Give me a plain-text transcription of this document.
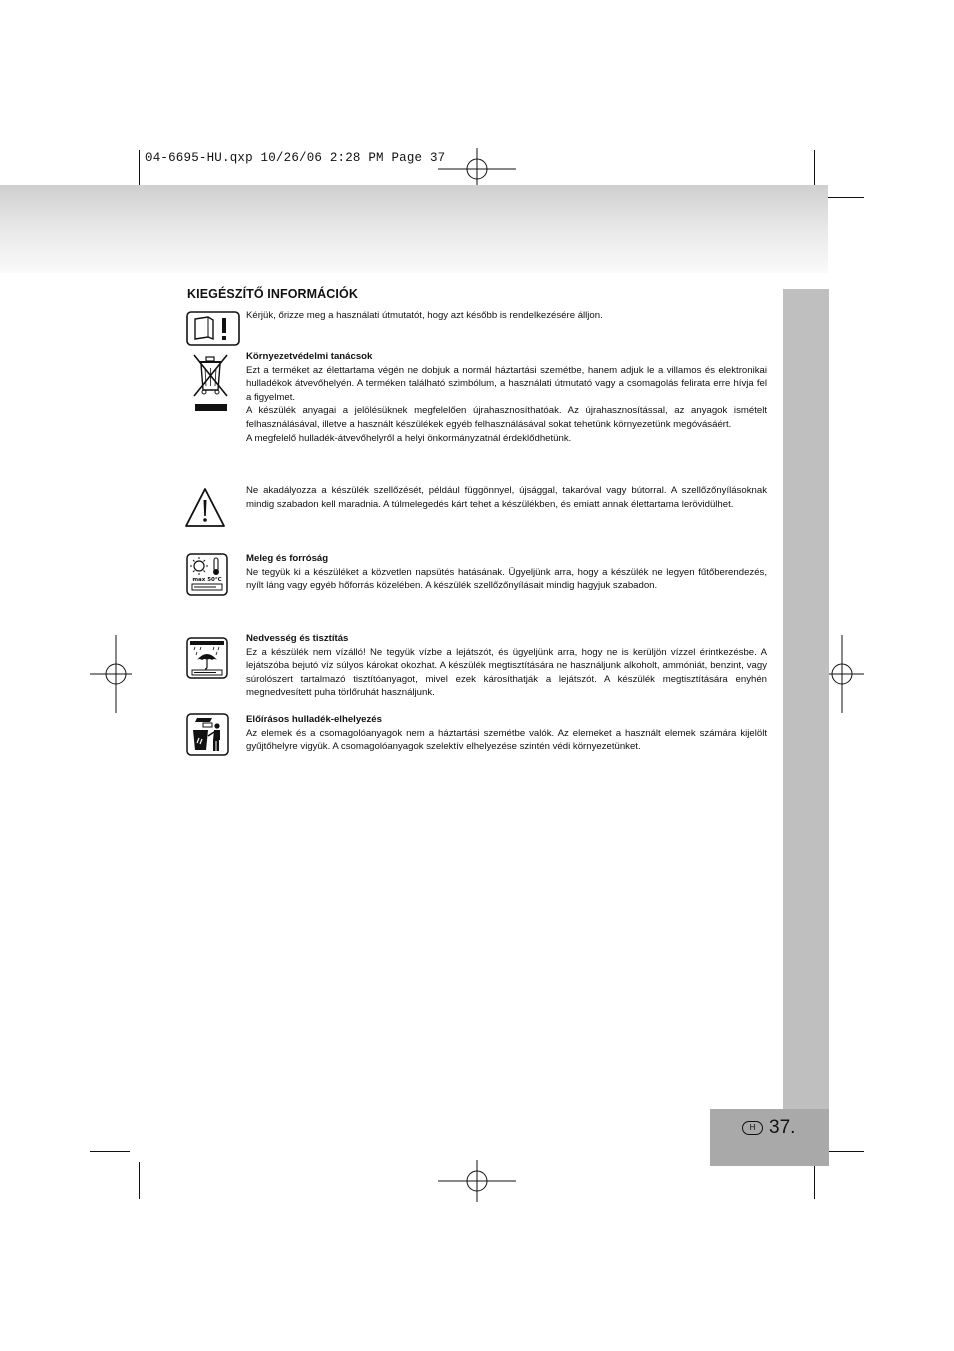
04-6695-HU.qxp 10/26/06 2:28 PM Page 37
H 37.
KIEGÉSZÍTŐ INFORMÁCIÓK

Kérjük, őrizze meg a használati útmutatót, hogy azt később is rendelkezésére álljon.

Környezetvédelmi tanácsok

Ezt a terméket az élettartama végén ne dobjuk a normál háztartási szemétbe, hanem adjuk le a villamos és elektronikai hulladékok átvevőhelyén. A terméken található szimbólum, a használati útmutató vagy a csomagolás felirata erre hívja fel a figyelmet.

A készülék anyagai a jelölésüknek megfelelően újrahasznosíthatóak. Az újrahasznosítással, az anyagok ismételt felhasználásával, illetve a használt készülékek egyéb felhasználásával sokat tehetünk környezetünk megóvásáért.

A megfelelő hulladék-átvevőhelyről a helyi önkormányzatnál érdeklődhetünk.

Ne akadályozza a készülék szellőzését, például függönnyel, újsággal, takaróval vagy bútorral. A szellőzőnyílásoknak mindig szabadon kell maradnia. A túlmelegedés kárt tehet a készülékben, és emiatt annak élettartama lerövidülhet.

max 50°C
Meleg és forróság

Ne tegyük ki a készüléket a közvetlen napsütés hatásának. Ügyeljünk arra, hogy a készülék ne legyen fűtőberendezés, nyílt láng vagy egyéb hőforrás közelében. A készülék szellőzőnyílásait mindig hagyjuk szabadon.

Nedvesség és tisztítás

Ez a készülék nem vízálló! Ne tegyük vízbe a lejátszót, és ügyeljünk arra, hogy ne is kerüljön vízzel érintkezésbe. A lejátszóba bejutó víz súlyos károkat okozhat. A készülék megtisztítására ne használjunk alkoholt, ammóniát, benzint, vagy súrolószert tartalmazó tisztítóanyagot, mivel ezek károsíthatják a lejátszót. A készülék megtisztítására enyhén megnedvesített puha törlőruhát használjunk.

Előírásos hulladék-elhelyezés

Az elemek és a csomagolóanyagok nem a háztartási szemétbe valók. Az elemeket a használt elemek számára kijelölt gyűjtőhelyre vigyük. A csomagolóanyagok szelektív elhelyezése szintén védi környezetünket.
